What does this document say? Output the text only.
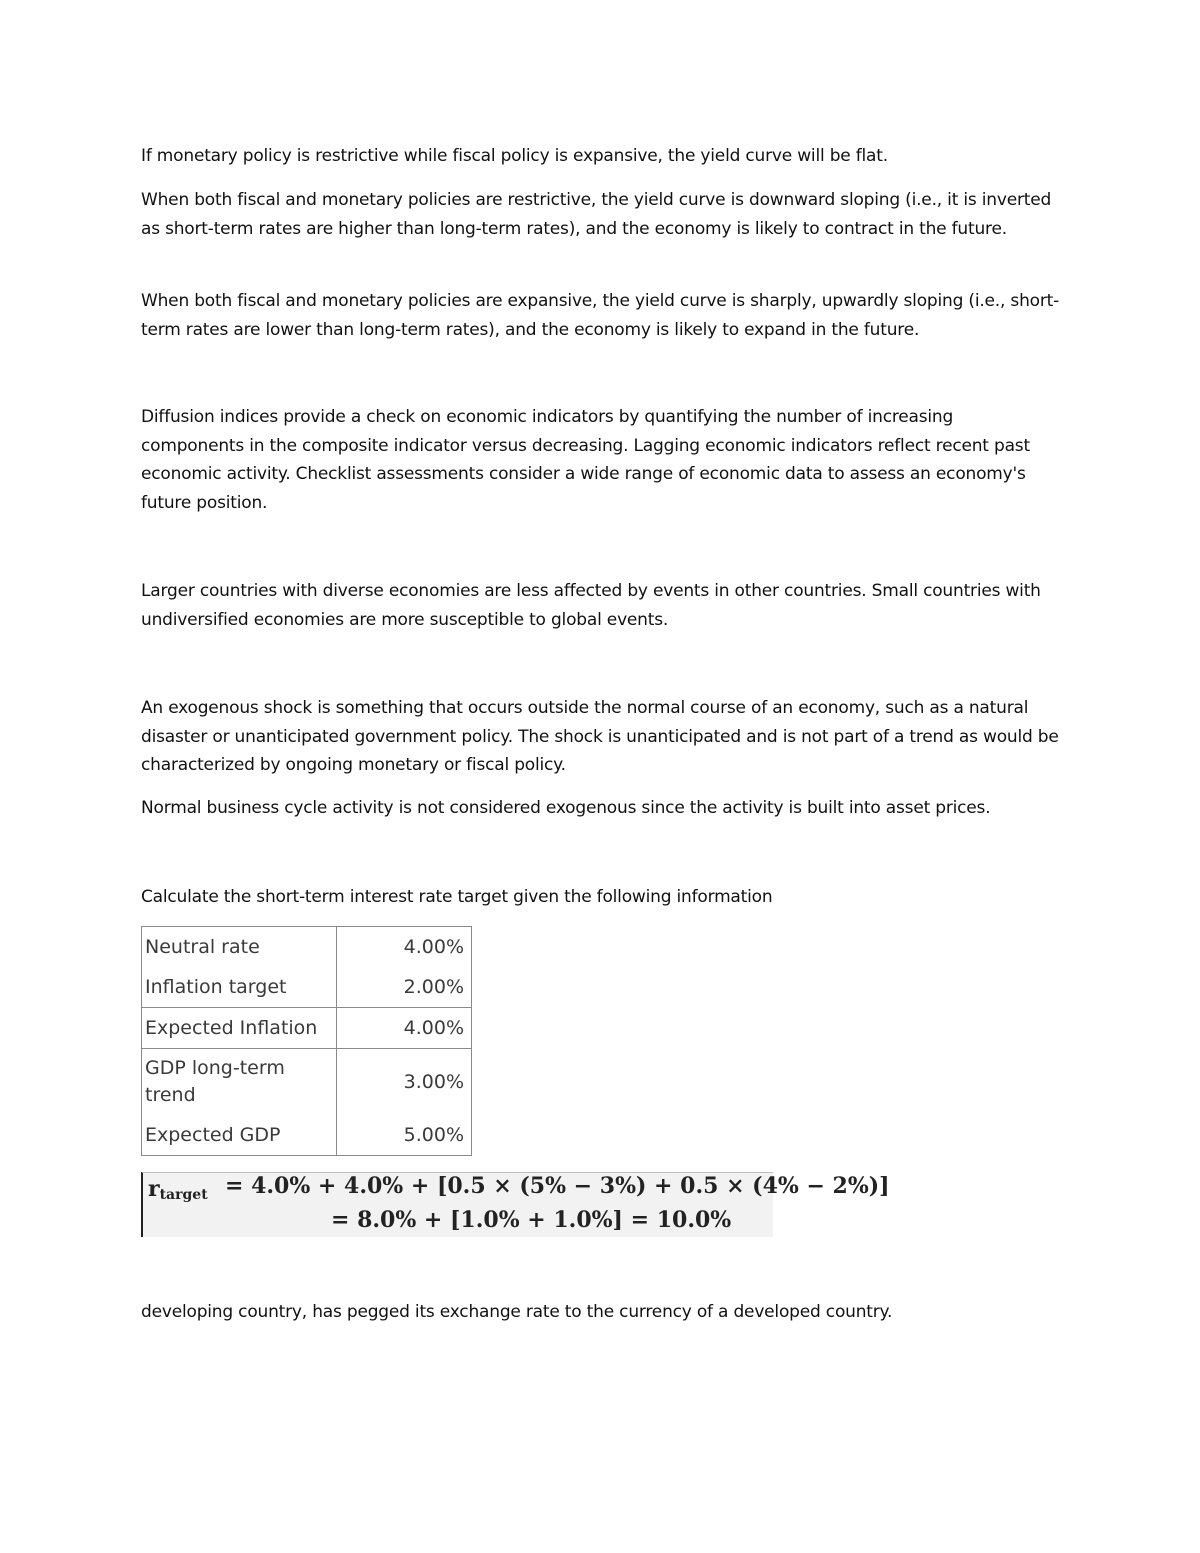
If monetary policy is restrictive while fiscal policy is expansive, the yield curve will be flat.

When both fiscal and monetary policies are restrictive, the yield curve is downward sloping (i.e., it is inverted as short-term rates are higher than long-term rates), and the economy is likely to contract in the future.

When both fiscal and monetary policies are expansive, the yield curve is sharply, upwardly sloping (i.e., short-term rates are lower than long-term rates), and the economy is likely to expand in the future.

Diffusion indices provide a check on economic indicators by quantifying the number of increasing components in the composite indicator versus decreasing. Lagging economic indicators reflect recent past economic activity. Checklist assessments consider a wide range of economic data to assess an economy's future position.

Larger countries with diverse economies are less affected by events in other countries. Small countries with undiversified economies are more susceptible to global events.

An exogenous shock is something that occurs outside the normal course of an economy, such as a natural disaster or unanticipated government policy. The shock is unanticipated and is not part of a trend as would be characterized by ongoing monetary or fiscal policy.

Normal business cycle activity is not considered exogenous since the activity is built into asset prices.

Calculate the short-term interest rate target given the following information

Neutral rate	4.00%
Inflation target	2.00%
Expected Inflation	4.00%
GDP long-term trend	3.00%
Expected GDP	5.00%
$r_{target} = 4.0\% + 4.0\% + [0.5 \times (5\% - 3\%) + 0.5 \times (4\% - 2\%)]$
= 8.0% + [1.0% + 1.0%] = 10.0%

developing country, has pegged its exchange rate to the currency of a developed country.
